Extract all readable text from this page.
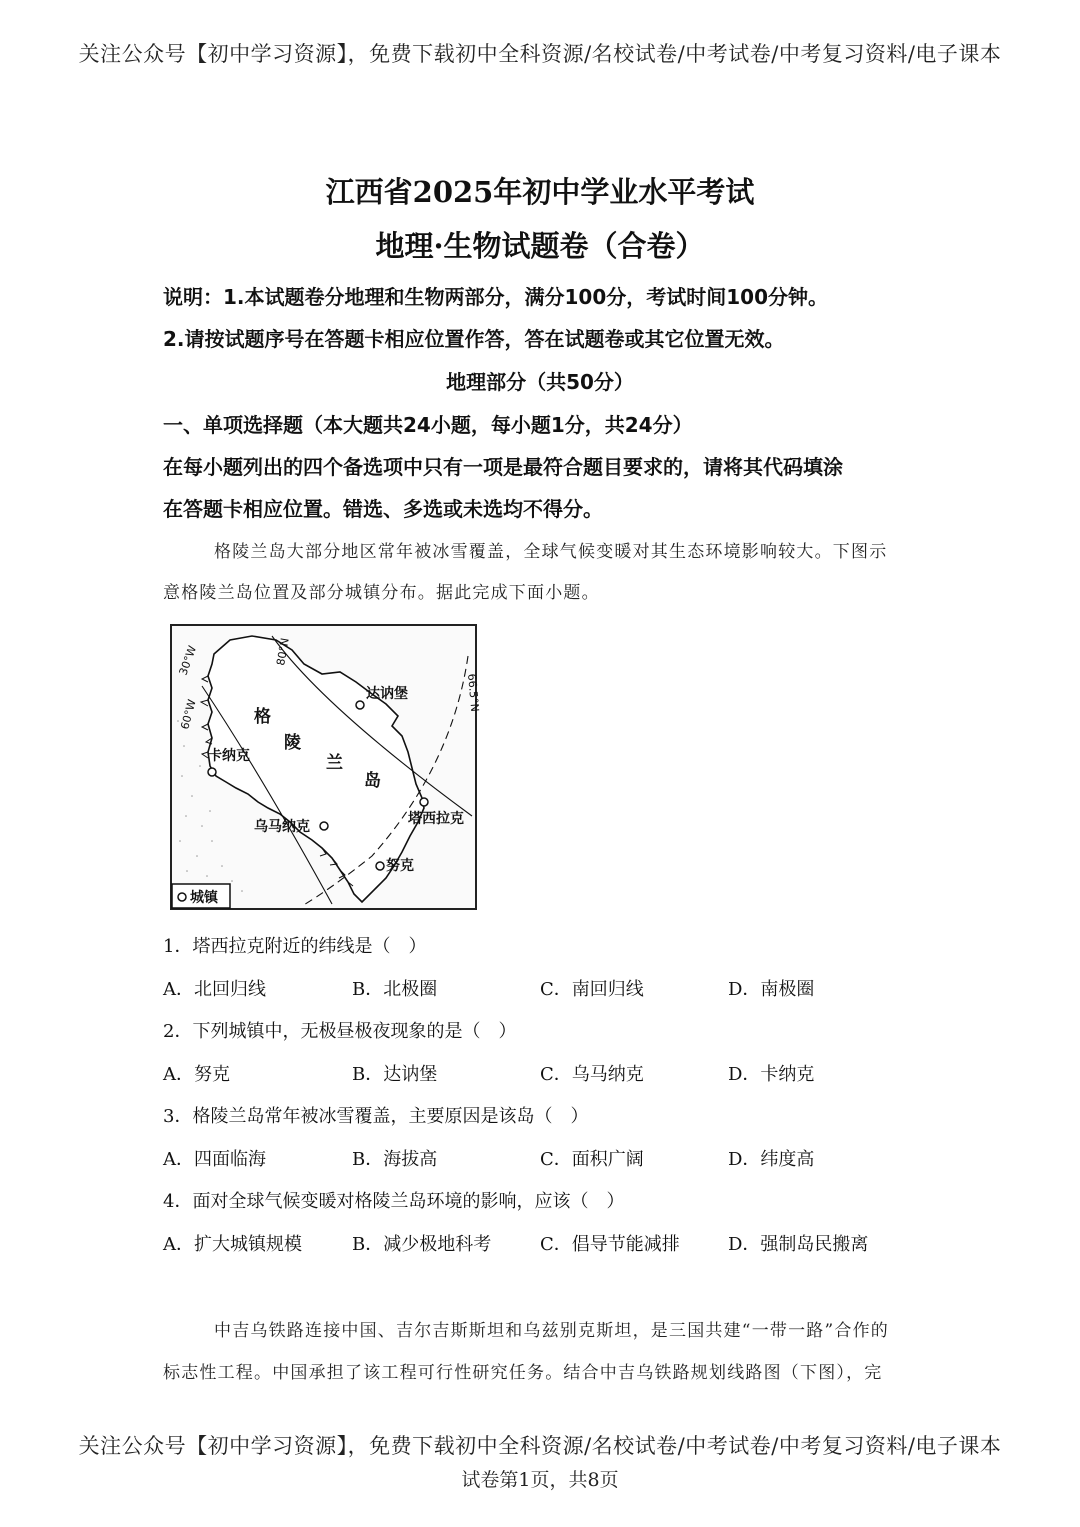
关注公众号【初中学习资源】，免费下载初中全科资源/名校试卷/中考试卷/中考复习资料/电子课本
江西省2025年初中学业水平考试
地理·生物试题卷（合卷）
说明：1.本试题卷分地理和生物两部分，满分100分，考试时间100分钟。
2.请按试题序号在答题卡相应位置作答，答在试题卷或其它位置无效。
地理部分（共50分）
一、单项选择题（本大题共24小题，每小题1分，共24分）
在每小题列出的四个备选项中只有一项是最符合题目要求的，请将其代码填涂
在答题卡相应位置。错选、多选或未选均不得分。
格陵兰岛大部分地区常年被冰雪覆盖，全球气候变暖对其生态环境影响较大。下图示
意格陵兰岛位置及部分城镇分布。据此完成下面小题。
30°W
60°W
80°N
66.5°N
格
陵
兰
岛
达讷堡
卡纳克
乌马纳克	塔西拉克
努克
城镇
1．塔西拉克附近的纬线是（　）
A．北回归线	B．北极圈	C．南回归线	D．南极圈
2．下列城镇中，无极昼极夜现象的是（　）
A．努克	B．达讷堡	C．乌马纳克	D．卡纳克
3．格陵兰岛常年被冰雪覆盖，主要原因是该岛（　）
A．四面临海	B．海拔高	C．面积广阔	D．纬度高
4．面对全球气候变暖对格陵兰岛环境的影响，应该（　）
A．扩大城镇规模	B．减少极地科考	C．倡导节能减排	D．强制岛民搬离
中吉乌铁路连接中国、吉尔吉斯斯坦和乌兹别克斯坦，是三国共建“一带一路”合作的
标志性工程。中国承担了该工程可行性研究任务。结合中吉乌铁路规划线路图（下图），完
关注公众号【初中学习资源】，免费下载初中全科资源/名校试卷/中考试卷/中考复习资料/电子课本
试卷第1页，共8页
